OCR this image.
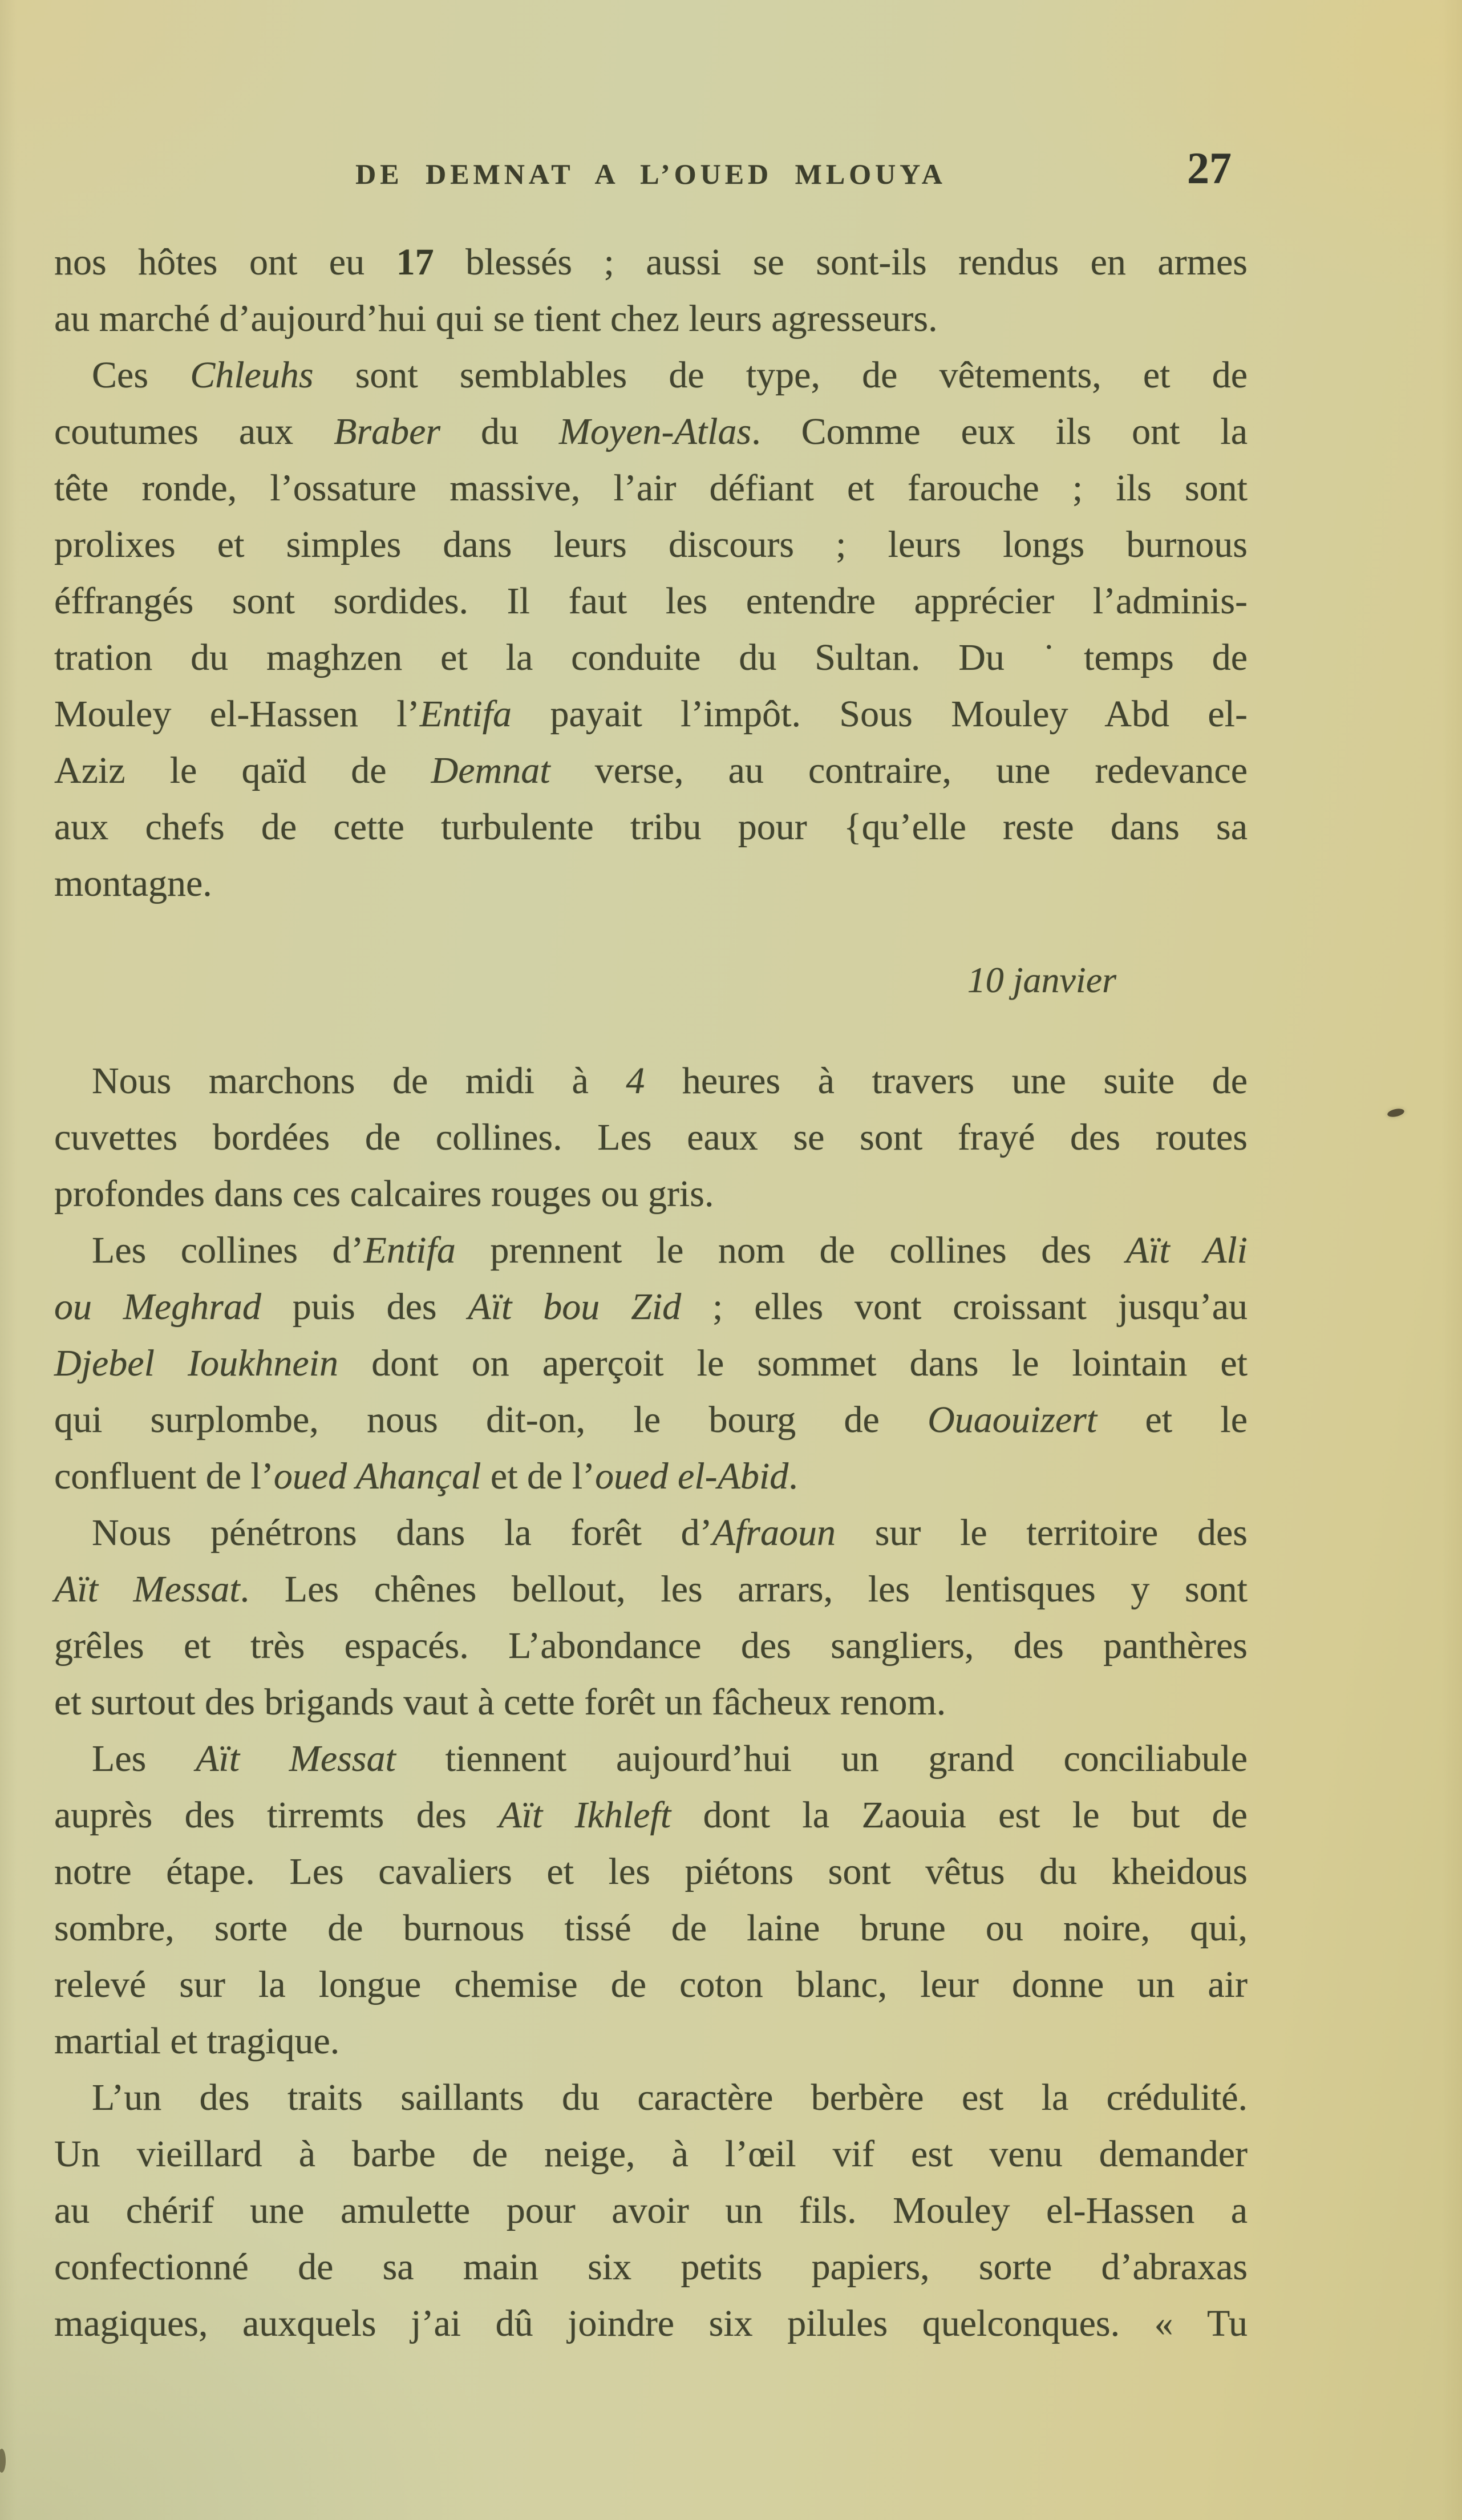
DE DEMNAT A L’OUED MLOUYA	27

nos hôtes ont eu 17 blessés ; aussi se sont-ils rendus en armes
au marché d’aujourd’hui qui se tient chez leurs agresseurs.

Ces Chleuhs sont semblables de type, de vêtements, et de
coutumes aux Braber du Moyen-Atlas. Comme eux ils ont la
tête ronde, l’ossature massive, l’air défiant et farouche ; ils sont
prolixes et simples dans leurs discours ; leurs longs burnous
éffrangés sont sordides. Il faut les entendre apprécier l’adminis-
tration du maghzen et la conduite du Sultan. Du ˙temps de
Mouley el-Hassen l’Entifa payait l’impôt. Sous Mouley Abd el-
Aziz le qaïd de Demnat verse, au contraire, une redevance
aux chefs de cette turbulente tribu pour {qu’elle reste dans sa
montagne.

10 janvier

Nous marchons de midi à 4 heures à travers une suite de
cuvettes bordées de collines. Les eaux se sont frayé des routes
profondes dans ces calcaires rouges ou gris.

Les collines d’Entifa prennent le nom de collines des Aït Ali
ou Meghrad puis des Aït bou Zid ; elles vont croissant jusqu’au
Djebel Ioukhnein dont on aperçoit le sommet dans le lointain et
qui surplombe, nous dit-on, le bourg de Ouaouizert et le
confluent de l’oued Ahançal et de l’oued el-Abid.

Nous pénétrons dans la forêt d’Afraoun sur le territoire des
Aït Messat. Les chênes bellout, les arrars, les lentisques y sont
grêles et très espacés. L’abondance des sangliers, des panthères
et surtout des brigands vaut à cette forêt un fâcheux renom.

Les Aït Messat tiennent aujourd’hui un grand conciliabule
auprès des tirremts des Aït Ikhleft dont la Zaouia est le but de
notre étape. Les cavaliers et les piétons sont vêtus du kheidous
sombre, sorte de burnous tissé de laine brune ou noire, qui,
relevé sur la longue chemise de coton blanc, leur donne un air
martial et tragique.

L’un des traits saillants du caractère berbère est la crédulité.
Un vieillard à barbe de neige, à l’œil vif est venu demander
au chérif une amulette pour avoir un fils. Mouley el-Hassen a
confectionné de sa main six petits papiers, sorte d’abraxas
magiques, auxquels j’ai dû joindre six pilules quelconques. « Tu
